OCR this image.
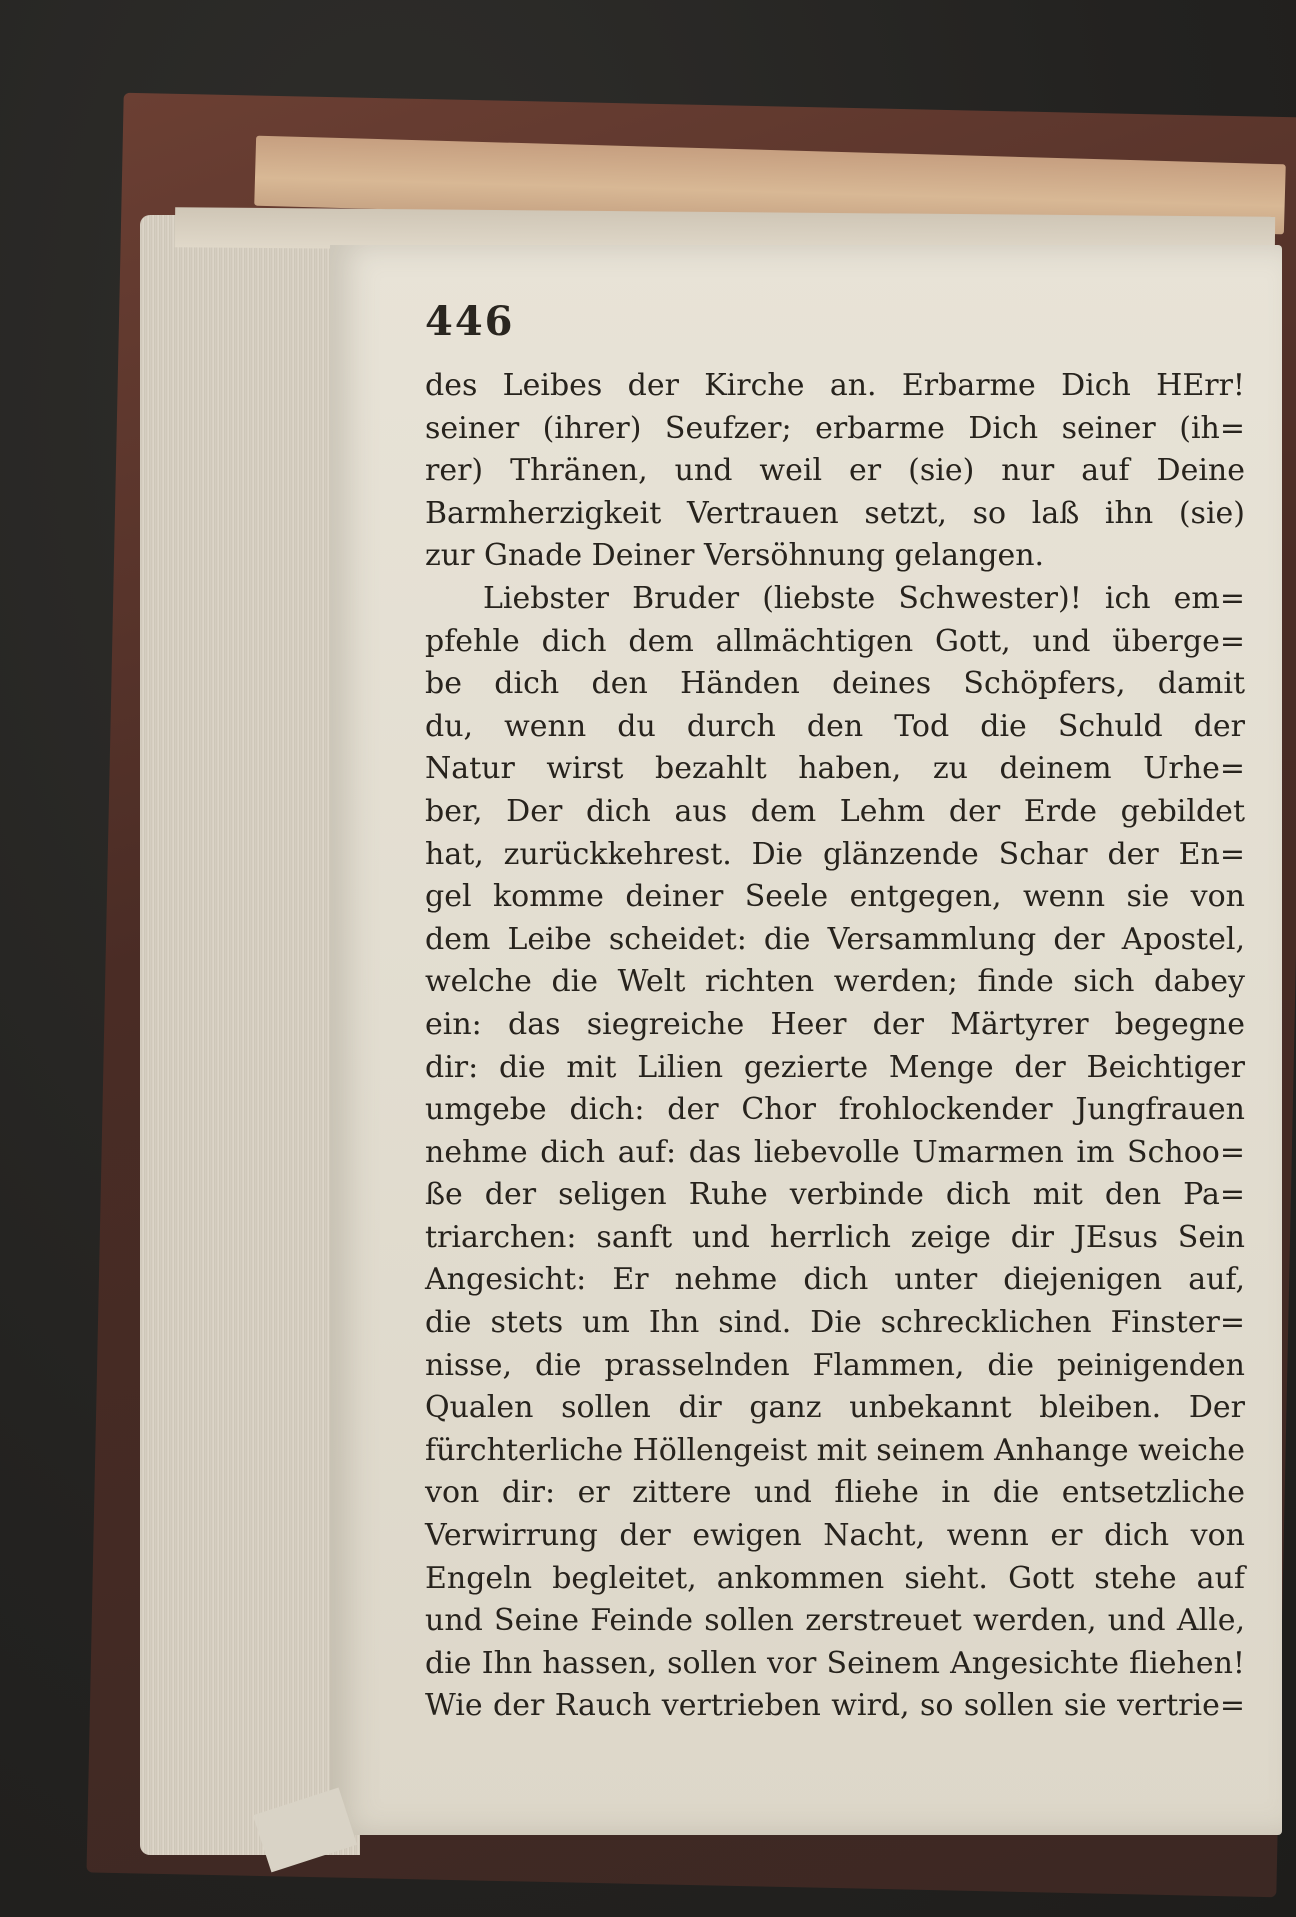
446
des Leibes der Kirche an. Erbarme Dich HErr!
seiner (ihrer) Seufzer; erbarme Dich seiner (ih=
rer) Thränen, und weil er (sie) nur auf Deine
Barmherzigkeit Vertrauen setzt, so laß ihn (sie)
zur Gnade Deiner Versöhnung gelangen.
Liebster Bruder (liebste Schwester)! ich em=
pfehle dich dem allmächtigen Gott, und überge=
be dich den Händen deines Schöpfers, damit
du, wenn du durch den Tod die Schuld der
Natur wirst bezahlt haben, zu deinem Urhe=
ber, Der dich aus dem Lehm der Erde gebildet
hat, zurückkehrest. Die glänzende Schar der En=
gel komme deiner Seele entgegen, wenn sie von
dem Leibe scheidet: die Versammlung der Apostel,
welche die Welt richten werden; finde sich dabey
ein: das siegreiche Heer der Märtyrer begegne
dir: die mit Lilien gezierte Menge der Beichtiger
umgebe dich: der Chor frohlockender Jungfrauen
nehme dich auf: das liebevolle Umarmen im Schoo=
ße der seligen Ruhe verbinde dich mit den Pa=
triarchen: sanft und herrlich zeige dir JEsus Sein
Angesicht: Er nehme dich unter diejenigen auf,
die stets um Ihn sind. Die schrecklichen Finster=
nisse, die prasselnden Flammen, die peinigenden
Qualen sollen dir ganz unbekannt bleiben. Der
fürchterliche Höllengeist mit seinem Anhange weiche
von dir: er zittere und fliehe in die entsetzliche
Verwirrung der ewigen Nacht, wenn er dich von
Engeln begleitet, ankommen sieht. Gott stehe auf
und Seine Feinde sollen zerstreuet werden, und Alle,
die Ihn hassen, sollen vor Seinem Angesichte fliehen!
Wie der Rauch vertrieben wird, so sollen sie vertrie=
